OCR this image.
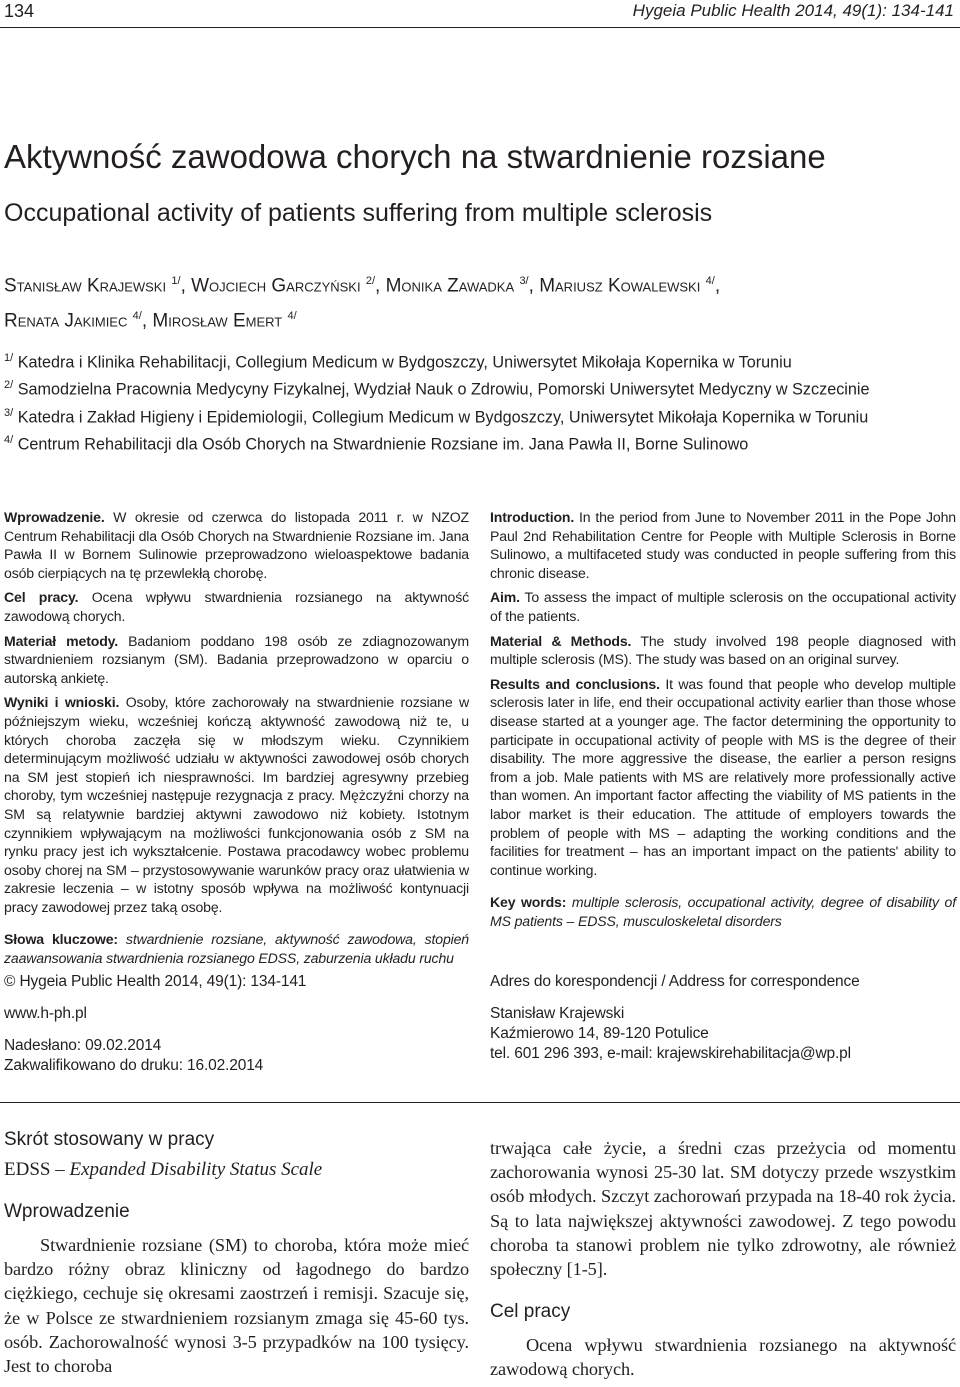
134	Hygeia Public Health 2014, 49(1): 134-141
Aktywność zawodowa chorych na stwardnienie rozsiane
Occupational activity of patients suffering from multiple sclerosis
Stanisław Krajewski $^{1/}$, Wojciech Garczyński $^{2/}$, Monika Zawadka $^{3/}$, Mariusz Kowalewski $^{4/}$,
Renata Jakimiec $^{4/}$, Mirosław Emert $^{4/}$
$^{1/}$ Katedra i Klinika Rehabilitacji, Collegium Medicum w Bydgoszczy, Uniwersytet Mikołaja Kopernika w Toruniu
$^{2/}$ Samodzielna Pracownia Medycyny Fizykalnej, Wydział Nauk o Zdrowiu, Pomorski Uniwersytet Medyczny w Szczecinie
$^{3/}$ Katedra i Zakład Higieny i Epidemiologii, Collegium Medicum w Bydgoszczy, Uniwersytet Mikołaja Kopernika w Toruniu
$^{4/}$ Centrum Rehabilitacji dla Osób Chorych na Stwardnienie Rozsiane im. Jana Pawła II, Borne Sulinowo

Wprowadzenie. W okresie od czerwca do listopada 2011 r. w NZOZ Centrum Rehabilitacji dla Osób Chorych na Stwardnienie Rozsiane im. Jana Pawła II w Bornem Sulinowie przeprowadzono wieloaspektowe badania osób cierpiących na tę przewlekłą chorobę.

Cel pracy. Ocena wpływu stwardnienia rozsianego na aktywność zawodową chorych.

Materiał metody. Badaniom poddano 198 osób ze zdiagnozowanym stwardnieniem rozsianym (SM). Badania przeprowadzono w oparciu o autorską ankietę.

Wyniki i wnioski. Osoby, które zachorowały na stwardnienie rozsiane w późniejszym wieku, wcześniej kończą aktywność zawodową niż te, u których choroba zaczęła się w młodszym wieku. Czynnikiem determinującym możliwość udziału w aktywności zawodowej osób chorych na SM jest stopień ich niesprawności. Im bardziej agresywny przebieg choroby, tym wcześniej następuje rezygnacja z pracy. Mężczyźni chorzy na SM są relatywnie bardziej aktywni zawodowo niż kobiety. Istotnym czynnikiem wpływającym na możliwości funkcjonowania osób z SM na rynku pracy jest ich wykształcenie. Postawa pracodawcy wobec problemu osoby chorej na SM – przystosowywanie warunków pracy oraz ułatwienia w zakresie leczenia – w istotny sposób wpływa na możliwość kontynuacji pracy zawodowej przez taką osobę.

Słowa kluczowe: stwardnienie rozsiane, aktywność zawodowa, stopień zaawansowania stwardnienia rozsianego EDSS, zaburzenia układu ruchu

Introduction. In the period from June to November 2011 in the Pope John Paul 2nd Rehabilitation Centre for People with Multiple Sclerosis in Borne Sulinowo, a multifaceted study was conducted in people suffering from this chronic disease.

Aim. To assess the impact of multiple sclerosis on the occupational activity of the patients.

Material & Methods. The study involved 198 people diagnosed with multiple sclerosis (MS). The study was based on an original survey.

Results and conclusions. It was found that people who develop multiple sclerosis later in life, end their occupational activity earlier than those whose disease started at a younger age. The factor determining the opportunity to participate in occupational activity of people with MS is the degree of their disability. The more aggressive the disease, the earlier a person resigns from a job. Male patients with MS are relatively more professionally active than women. An important factor affecting the viability of MS patients in the labor market is their education. The attitude of employers towards the problem of people with MS – adapting the working conditions and the facilities for treatment – has an important impact on the patients' ability to continue working.

Key words: multiple sclerosis, occupational activity, degree of disability of MS patients – EDSS, musculoskeletal disorders

© Hygeia Public Health 2014, 49(1): 134-141

www.h-ph.pl

Nadesłano: 09.02.2014

Zakwalifikowano do druku: 16.02.2014

Adres do korespondencji / Address for correspondence

Stanisław Krajewski
Kaźmierowo 14, 89-120 Potulice
tel. 601 296 393, e-mail: krajewskirehabilitacja@wp.pl
Skrót stosowany w pracy
EDSS – Expanded Disability Status Scale
Wprowadzenie

Stwardnienie rozsiane (SM) to choroba, która może mieć bardzo różny obraz kliniczny od łagodnego do bardzo ciężkiego, cechuje się okresami zaostrzeń i remisji. Szacuje się, że w Polsce ze stwardnieniem rozsianym zmaga się 45-60 tys. osób. Zachorowalność wynosi 3-5 przypadków na 100 tysięcy. Jest to choroba

trwająca całe życie, a średni czas przeżycia od momentu zachorowania wynosi 25-30 lat. SM dotyczy przede wszystkim osób młodych. Szczyt zachorowań przypada na 18-40 rok życia. Są to lata największej aktywności zawodowej. Z tego powodu choroba ta stanowi problem nie tylko zdrowotny, ale również społeczny [1-5].

Cel pracy

Ocena wpływu stwardnienia rozsianego na aktywność zawodową chorych.
